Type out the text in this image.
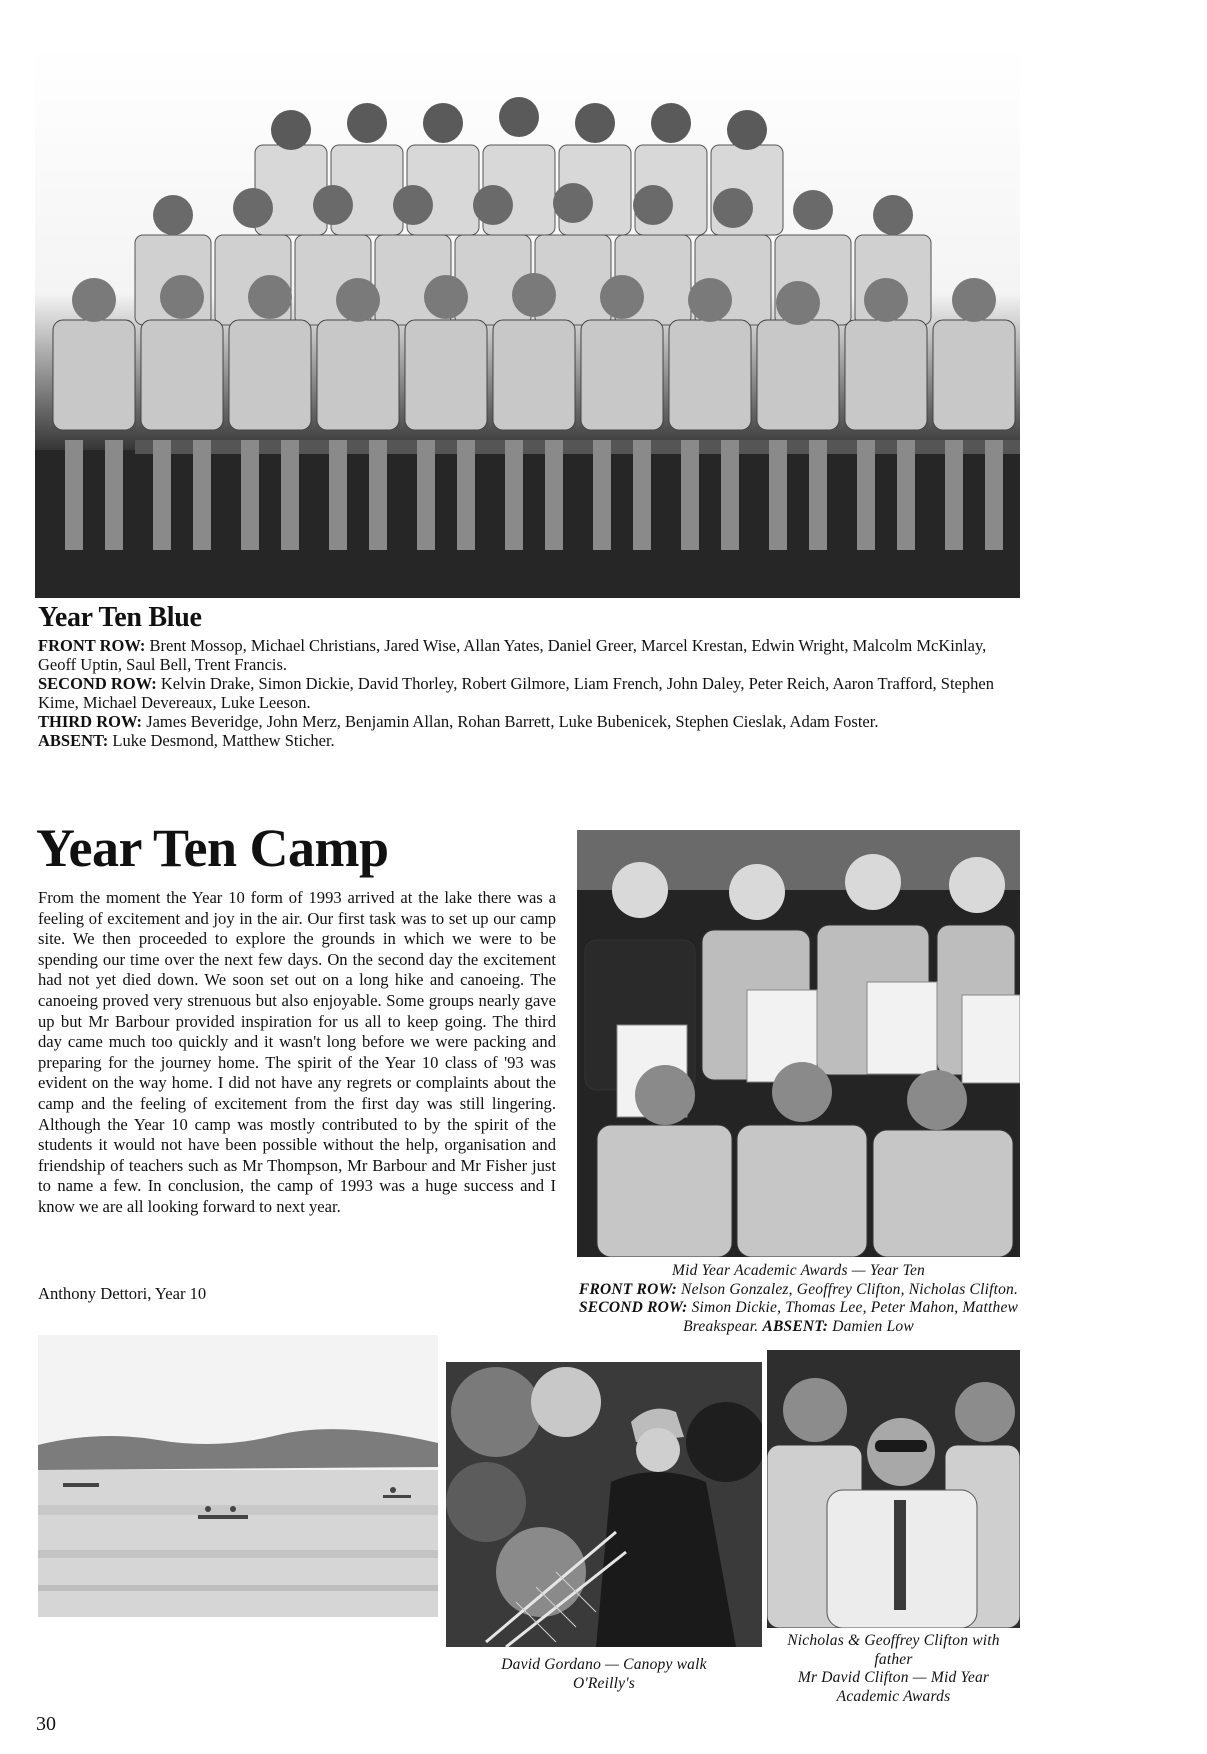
Year Ten Blue
FRONT ROW: Brent Mossop, Michael Christians, Jared Wise, Allan Yates, Daniel Greer, Marcel Krestan, Edwin Wright, Malcolm McKinlay, Geoff Uptin, Saul Bell, Trent Francis.
SECOND ROW: Kelvin Drake, Simon Dickie, David Thorley, Robert Gilmore, Liam French, John Daley, Peter Reich, Aaron Trafford, Stephen Kime, Michael Devereaux, Luke Leeson.
THIRD ROW: James Beveridge, John Merz, Benjamin Allan, Rohan Barrett, Luke Bubenicek, Stephen Cieslak, Adam Foster.
ABSENT: Luke Desmond, Matthew Sticher.
Year Ten Camp
From the moment the Year 10 form of 1993 arrived at the lake there was a feeling of excitement and joy in the air. Our first task was to set up our camp site. We then proceeded to explore the grounds in which we were to be spending our time over the next few days. On the second day the excitement had not yet died down. We soon set out on a long hike and canoeing. The canoeing proved very strenuous but also enjoyable. Some groups nearly gave up but Mr Barbour provided inspiration for us all to keep going. The third day came much too quickly and it wasn't long before we were packing and preparing for the journey home. The spirit of the Year 10 class of '93 was evident on the way home. I did not have any regrets or complaints about the camp and the feeling of excitement from the first day was still lingering. Although the Year 10 camp was mostly contributed to by the spirit of the students it would not have been possible without the help, organisation and friendship of teachers such as Mr Thompson, Mr Barbour and Mr Fisher just to name a few. In conclusion, the camp of 1993 was a huge success and I know we are all looking forward to next year.
Anthony Dettori, Year 10
Mid Year Academic Awards — Year Ten
FRONT ROW: Nelson Gonzalez, Geoffrey Clifton, Nicholas Clifton.
SECOND ROW: Simon Dickie, Thomas Lee, Peter Mahon, Matthew Breakspear. ABSENT: Damien Low
David Gordano — Canopy walk
O'Reilly's
Nicholas & Geoffrey Clifton with father
Mr David Clifton — Mid Year
Academic Awards
30
